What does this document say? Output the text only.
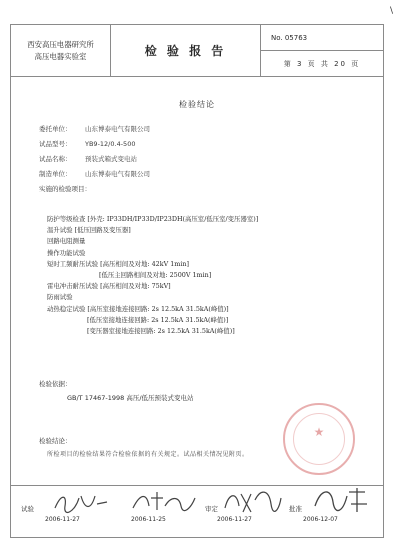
\
西安高压电器研究所
高压电器实验室	检 验 报 告
No. 05763
第 3 页 共 20 页
检验结论
委托单位： 山东博泰电气有限公司
试品型号： YB9-12/0.4-500
试品名称： 预装式箱式变电站
制造单位： 山东博泰电气有限公司
实施的检验项目：
防护等级检查 [外壳: IP33DH/IP33D/IP23DH(高压室/低压室/变压器室)]
温升试验 [低压回路及变压器]
回路电阻测量
操作功能试验
短时工频耐压试验 [高压相间及对地: 42kV 1min]
[低压主回路相间及对地: 2500V 1min]
雷电冲击耐压试验 [高压相间及对地: 75kV]
防雨试验
动热稳定试验 [高压室接地连接回路: 2s 12.5kA 31.5kA(峰值)]
[低压室接地连接回路: 2s 12.5kA 31.5kA(峰值)]
[变压器室接地连接回路: 2s 12.5kA 31.5kA(峰值)]
检验依据：
GB/T 17467-1998 高压/低压预装式变电站
检验结论：
所检项目的检验结果符合检验依据的有关规定。试品相关情况见附页。
★
试验	审定	批准
2006-11-27	2006-11-25	2006-11-27	2006-12-07
